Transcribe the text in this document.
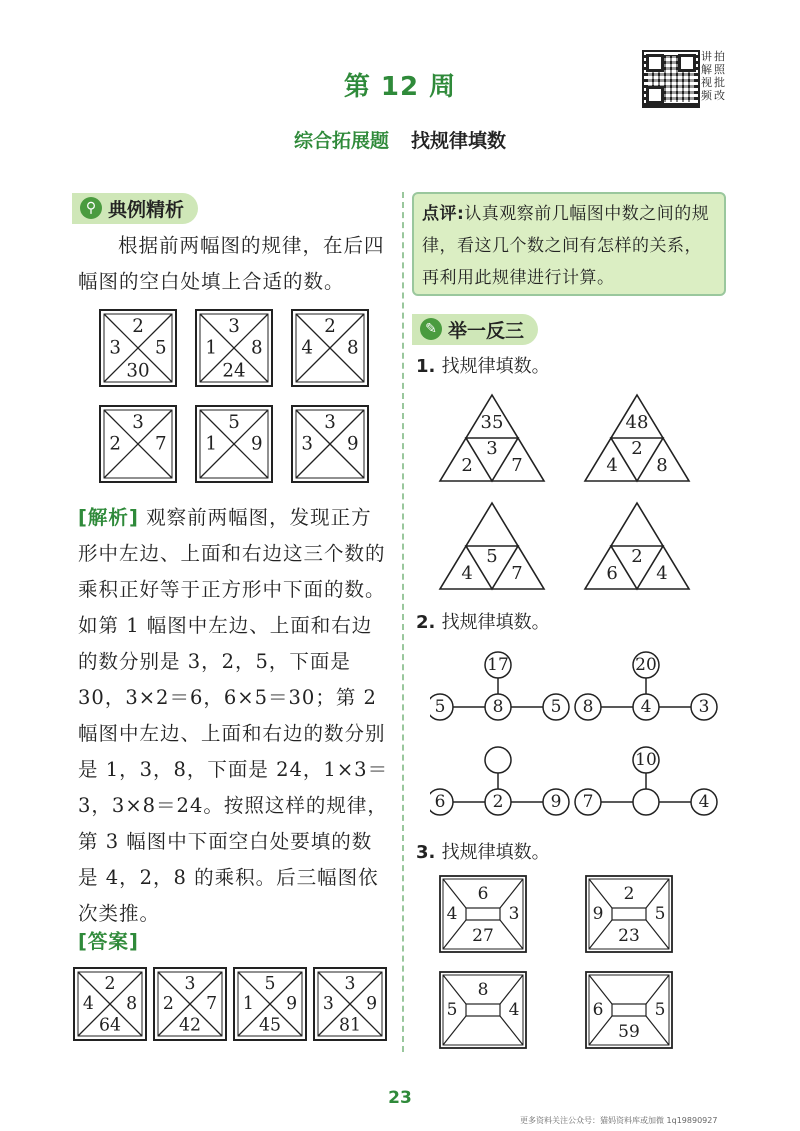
第 12 周
综合拓展题 找规律填数
讲 拍
解 照
视 批
频 改
⚲ 典例精析
根据前两幅图的规律，在后四幅图的空白处填上合适的数。
2
3 5
30
3
1 8
24
2
4 8
3
2 7
5
1 9
3
3 9
[解析] 观察前两幅图，发现正方形中左边、上面和右边这三个数的乘积正好等于正方形中下面的数。如第 1 幅图中左边、上面和右边的数分别是 3，2，5，下面是 30，3×2＝6，6×5＝30；第 2 幅图中左边、上面和右边的数分别是 1，3，8，下面是 24，1×3＝3，3×8＝24。按照这样的规律，第 3 幅图中下面空白处要填的数是 4，2，8 的乘积。后三幅图依次类推。
[答案]
2
4 8
64
3
2 7
42
5
1 9
45
3
3 9
81
点评:认真观察前几幅图中数之间的规律，看这几个数之间有怎样的关系，再利用此规律进行计算。
✎ 举一反三
1. 找规律填数。
35
3
2 7
48
2
4 8
5
4 7
2
6 4
2. 找规律填数。
17
5	8	5
20
8	4	3
6	2	9
10
7	4
3. 找规律填数。
6
4	3
27
2
9	5
23
8
5	4	6	5
59
23
更多资料关注公众号：猫妈资料库或加微 1q19890927
